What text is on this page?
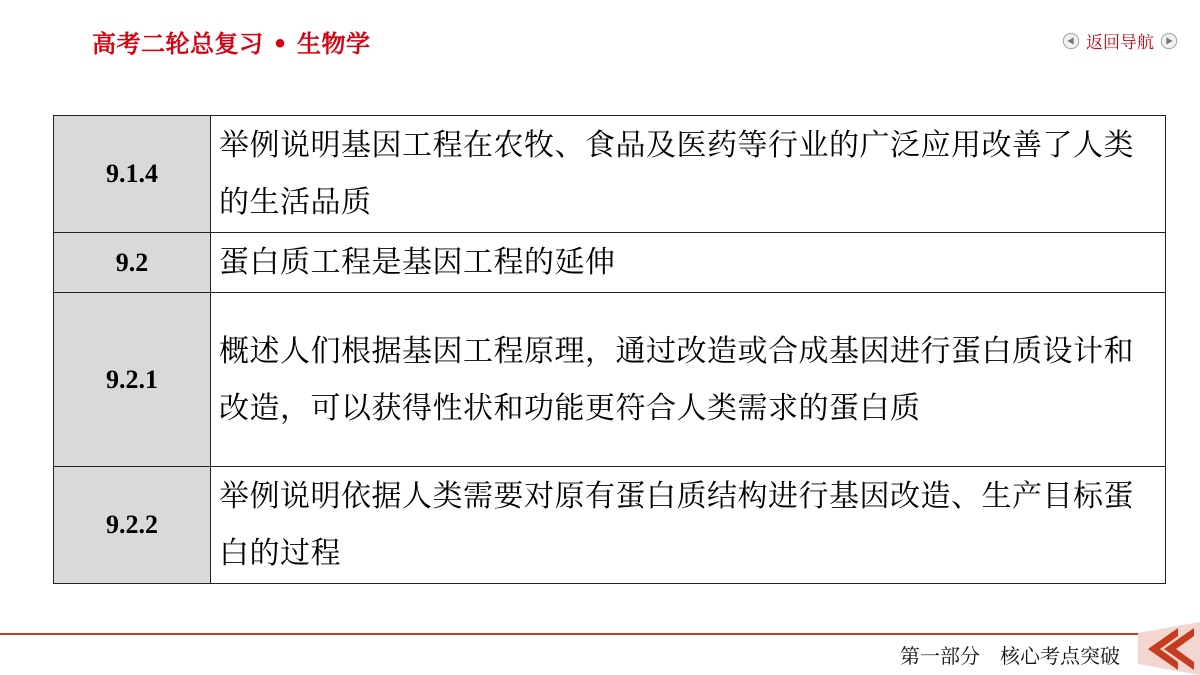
高考二轮总复习 • 生物学	返回导航
9.1.4	举例说明基因工程在农牧、食品及医药等行业的广泛应用改善了人类的生活品质
9.2	蛋白质工程是基因工程的延伸
9.2.1	概述人们根据基因工程原理，通过改造或合成基因进行蛋白质设计和改造，可以获得性状和功能更符合人类需求的蛋白质
9.2.2	举例说明依据人类需要对原有蛋白质结构进行基因改造、生产目标蛋白的过程
第一部分　核心考点突破
